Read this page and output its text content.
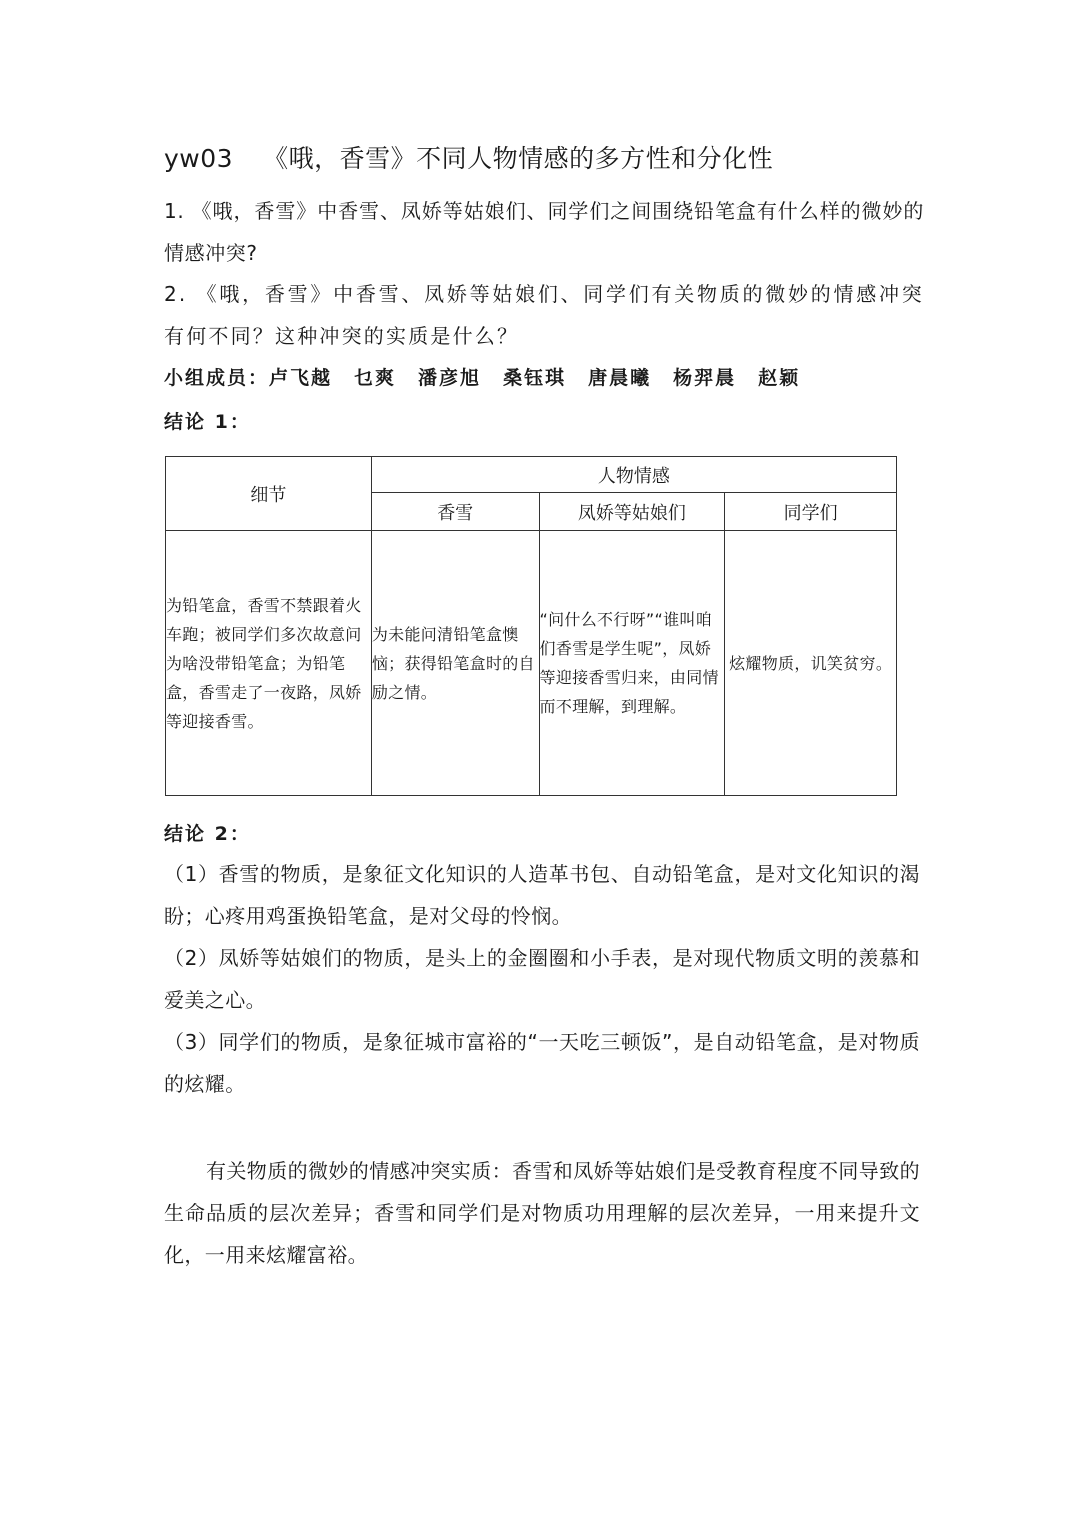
yw03 《哦，香雪》不同人物情感的多方性和分化性
1. 《哦，香雪》中香雪、凤娇等姑娘们、同学们之间围绕铅笔盒有什么样的微妙的情感冲突?
2. 《哦，香雪》中香雪、凤娇等姑娘们、同学们有关物质的微妙的情感冲突有何不同？这种冲突的实质是什么？
小组成员：卢飞越 乜爽 潘彦旭 桑钰琪 唐晨曦 杨羿晨 赵颖
结论 1：
细节	人物情感		
	香雪	凤娇等姑娘们	同学们
为铅笔盒，香雪不禁跟着火车跑；被同学们多次故意问为啥没带铅笔盒；为铅笔盒，香雪走了一夜路，凤娇等迎接香雪。	为未能问清铅笔盒懊恼；获得铅笔盒时的自励之情。	“问什么不行呀”“谁叫咱们香雪是学生呢”，凤娇等迎接香雪归来，由同情而不理解，到理解。	炫耀物质，讥笑贫穷。
结论 2：

（1）香雪的物质，是象征文化知识的人造革书包、自动铅笔盒，是对文化知识的渴盼；心疼用鸡蛋换铅笔盒，是对父母的怜悯。

（2）凤娇等姑娘们的物质，是头上的金圈圈和小手表，是对现代物质文明的羡慕和爱美之心。

（3）同学们的物质，是象征城市富裕的“一天吃三顿饭”，是自动铅笔盒，是对物质的炫耀。

有关物质的微妙的情感冲突实质：香雪和凤娇等姑娘们是受教育程度不同导致的生命品质的层次差异；香雪和同学们是对物质功用理解的层次差异，一用来提升文化，一用来炫耀富裕。
